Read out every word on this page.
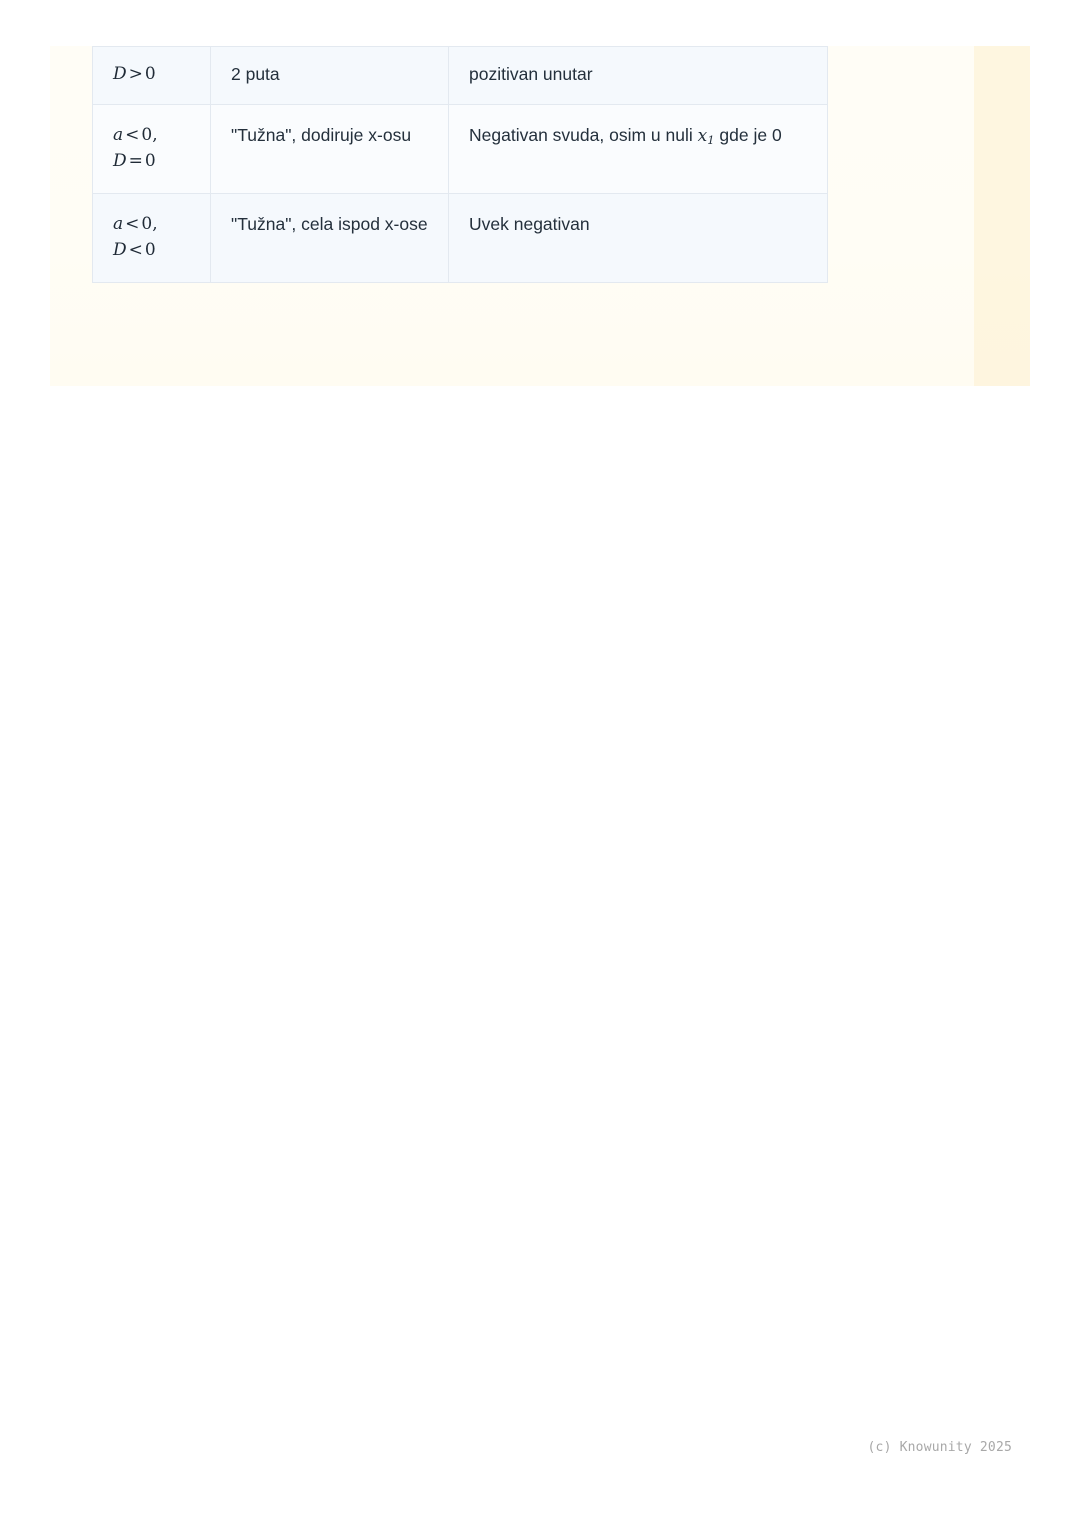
D > 0	2 puta	pozitivan unutar

a < 0,
D = 0	"Tužna", dodiruje x-osu	Negativan svuda, osim u nuli $x_1$ gde je 0

a < 0,
D < 0	"Tužna", cela ispod x-ose	Uvek negativan
(c) Knowunity 2025
